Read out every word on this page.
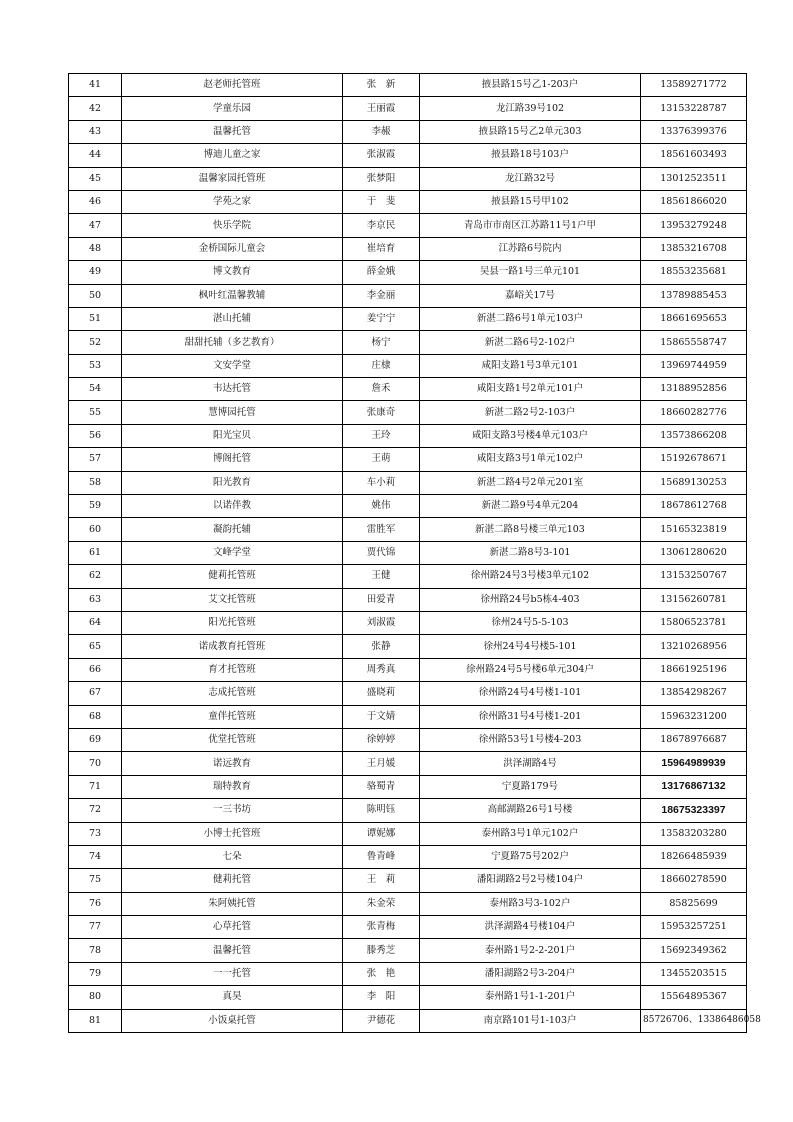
41	赵老师托管班	张　新	掖县路15号乙1-203户	13589271772
42	学童乐园	王丽霞	龙江路39号102	13153228787
43	温馨托管	李赧	掖县路15号乙2单元303	13376399376
44	博迪儿童之家	张淑霞	掖县路18号103户	18561603493
45	温馨家园托管班	张梦阳	龙江路32号	13012523511
46	学苑之家	于　斐	掖县路15号甲102	18561866020
47	快乐学院	李京民	青岛市市南区江苏路11号1户甲	13953279248
48	金桥国际儿童会	崔培育	江苏路6号院内	13853216708
49	博文教育	薛金娥	吴县一路1号三单元101	18553235681
50	枫叶红温馨教辅	李金丽	嘉峪关17号	13789885453
51	湛山托辅	姜宁宁	新湛二路6号1单元103户	18661695653
52	甜甜托辅（多艺教育）	杨宁	新湛二路6号2-102户	15865558747
53	文安学堂	庄棣	咸阳支路1号3单元101	13969744959
54	韦达托管	詹禾	咸阳支路1号2单元101户	13188952856
55	慧博园托管	张康奇	新湛二路2号2-103户	18660282776
56	阳光宝贝	王玲	咸阳支路3号楼4单元103户	13573866208
57	博阁托管	王萌	咸阳支路3号1单元102户	15192678671
58	阳光教育	车小莉	新湛二路4号2单元201室	15689130253
59	以诺伴教	姚伟	新湛二路9号4单元204	18678612768
60	凝韵托辅	雷胜军	新湛二路8号楼三单元103	15165323819
61	文峰学堂	贾代锦	新湛二路8号3-101	13061280620
62	健莉托管班	王健	徐州路24号3号楼3单元102	13153250767
63	艾文托管班	田爱青	徐州路24号b5栋4-403	13156260781
64	阳光托管班	刘淑霞	徐州24号5-5-103	15806523781
65	诺成教育托管班	张静	徐州24号4号楼5-101	13210268956
66	育才托管班	周秀真	徐州路24号5号楼6单元304户	18661925196
67	志成托管班	盛晓莉	徐州路24号4号楼1-101	13854298267
68	童伴托管班	于文婧	徐州路31号4号楼1-201	15963231200
69	优堂托管班	徐婷婷	徐州路53号1号楼4-203	18678976687
70	诺远教育	王月媛	洪泽湖路4号	15964989939
71	瑞特教育	骆蜀青	宁夏路179号	13176867132
72	一三书坊	陈明钰	高邮湖路26号1号楼	18675323397
73	小博士托管班	谭妮娜	泰州路3号1单元102户	13583203280
74	七朵	鲁青峰	宁夏路75号202户	18266485939
75	健莉托管	王　莉	潘阳湖路2号2号楼104户	18660278590
76	朱阿姨托管	朱金荣	泰州路3号3-102户	85825699
77	心草托管	张青梅	洪泽湖路4号楼104户	15953257251
78	温馨托管	滕秀芝	泰州路1号2-2-201户	15692349362
79	一一托管	张　艳	潘阳湖路2号3-204户	13455203515
80	真昊	李　阳	泰州路1号1-1-201户	15564895367
81	小饭桌托管	尹德花	南京路101号1-103户	85726706、13386486058
